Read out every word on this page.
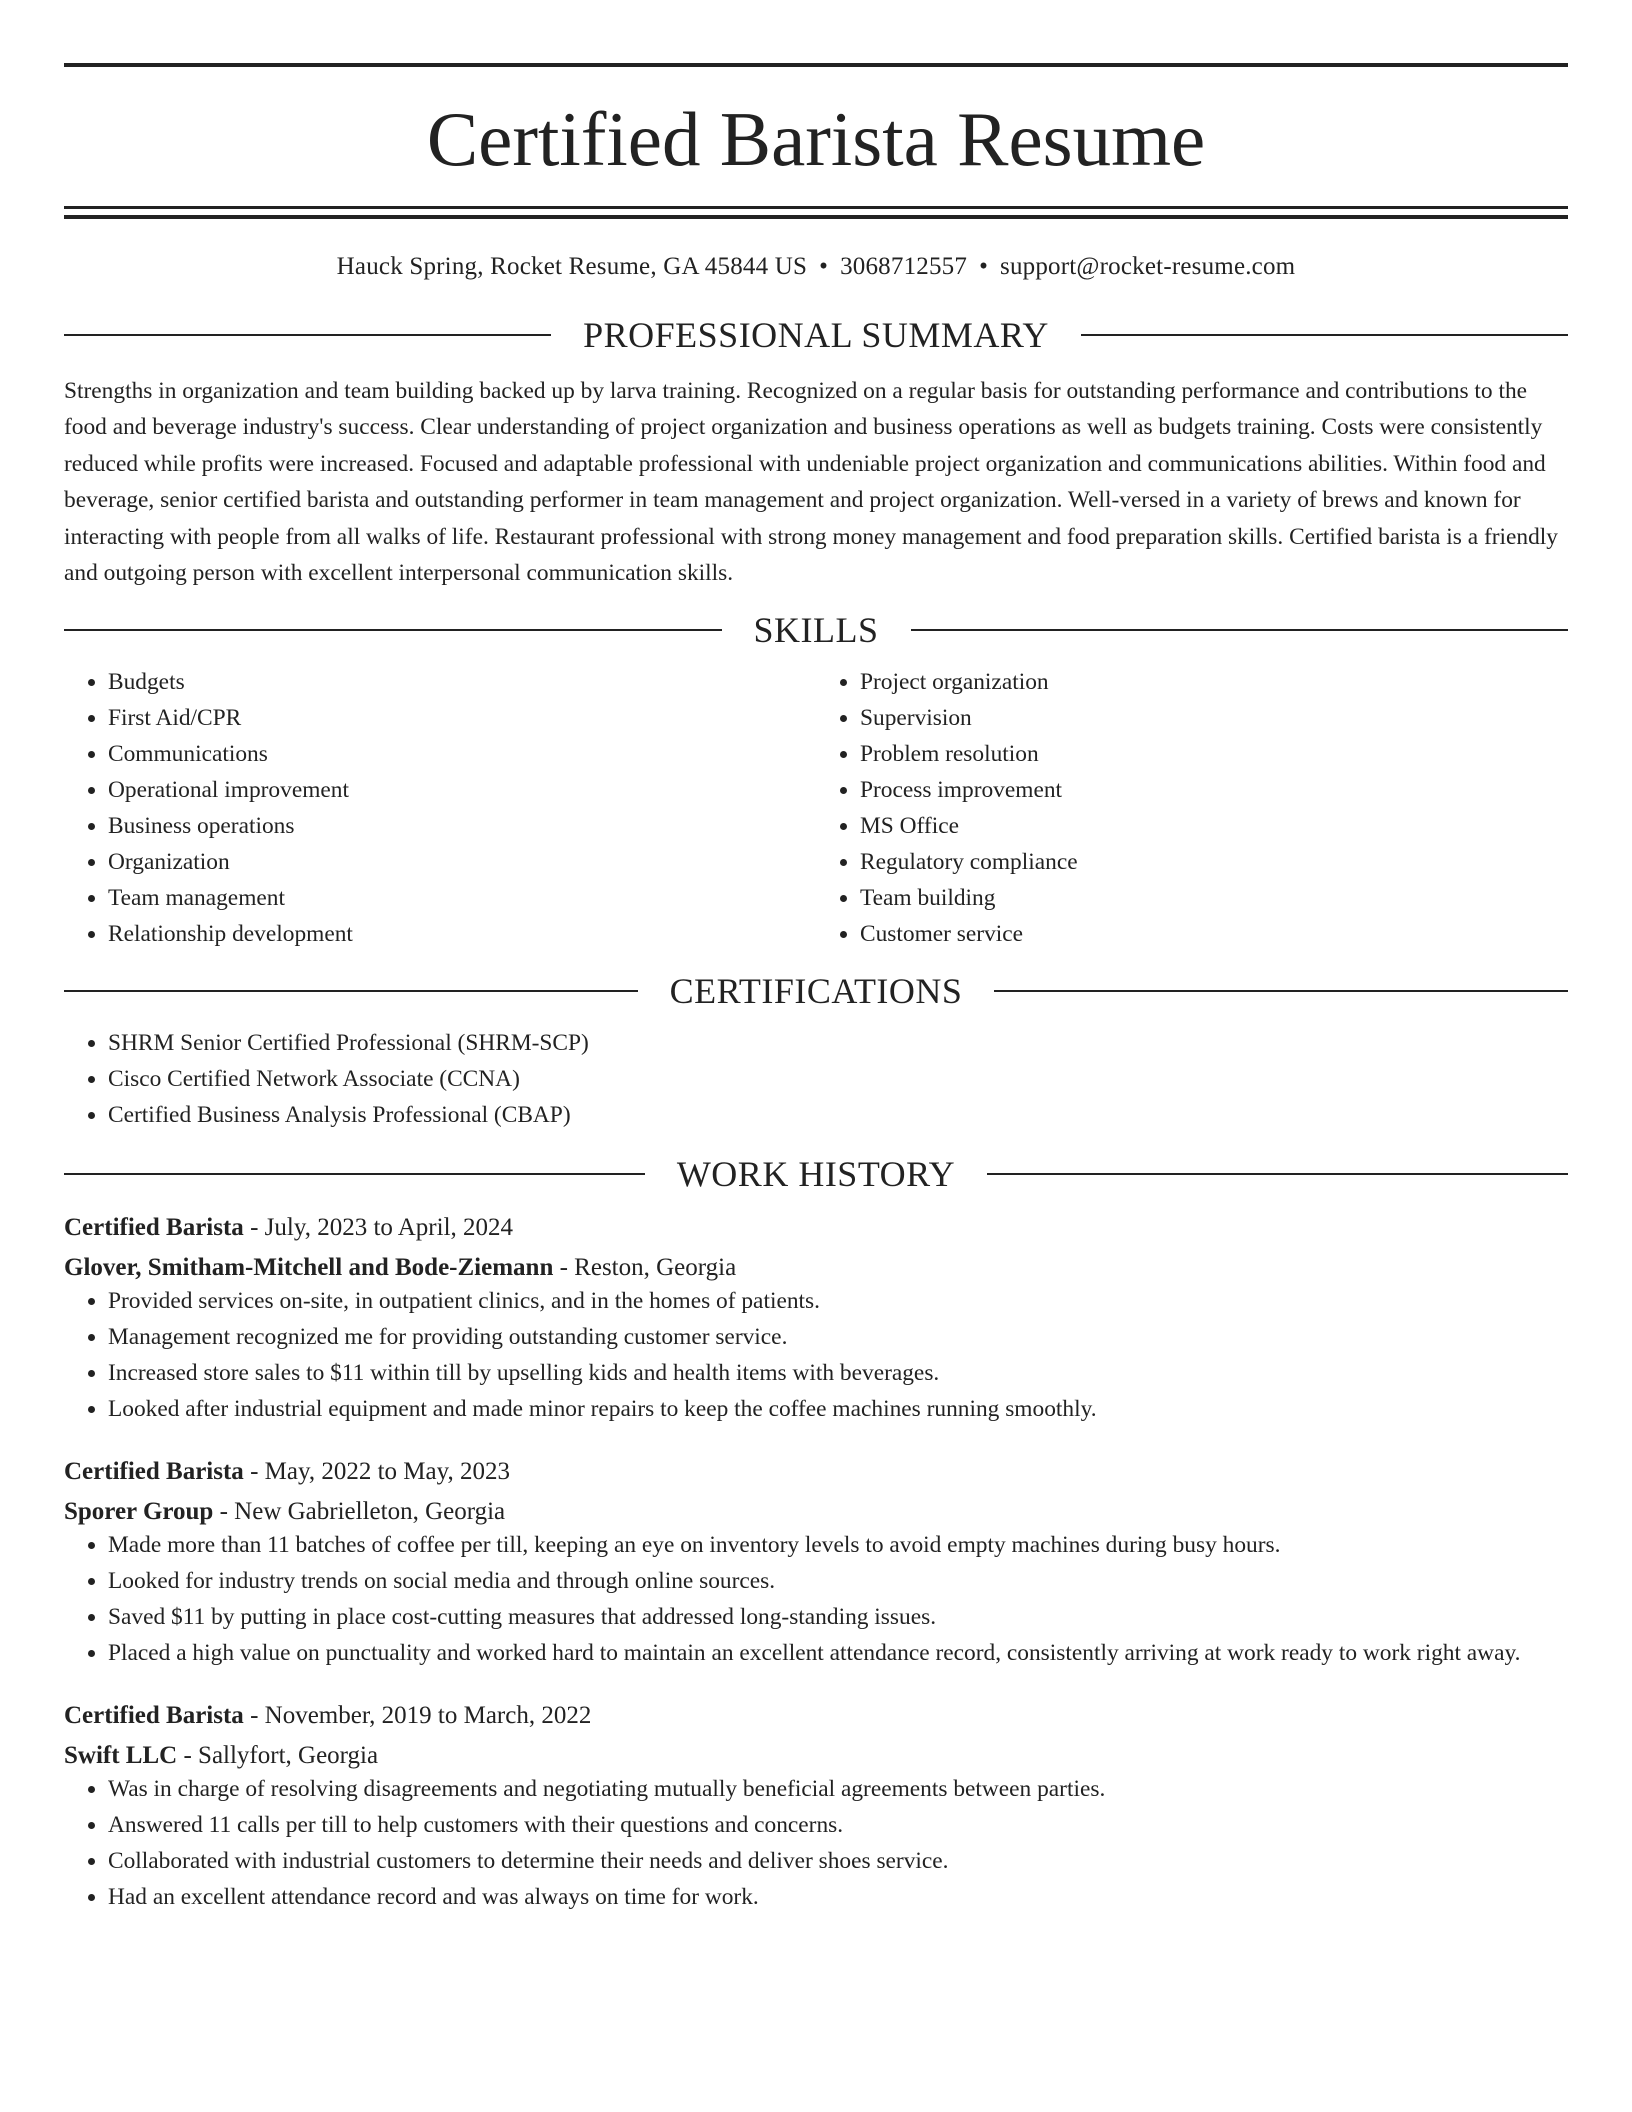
Certified Barista Resume
Hauck Spring, Rocket Resume, GA 45844 US • 3068712557 • support@rocket-resume.com
PROFESSIONAL SUMMARY
Strengths in organization and team building backed up by larva training. Recognized on a regular basis for outstanding performance and contributions to the food and beverage industry's success. Clear understanding of project organization and business operations as well as budgets training. Costs were consistently reduced while profits were increased. Focused and adaptable professional with undeniable project organization and communications abilities. Within food and beverage, senior certified barista and outstanding performer in team management and project organization. Well-versed in a variety of brews and known for interacting with people from all walks of life. Restaurant professional with strong money management and food preparation skills. Certified barista is a friendly and outgoing person with excellent interpersonal communication skills.
SKILLS
• Budgets
• First Aid/CPR
• Communications
• Operational improvement
• Business operations
• Organization
• Team management
• Relationship development
• Project organization
• Supervision
• Problem resolution
• Process improvement
• MS Office
• Regulatory compliance
• Team building
• Customer service
CERTIFICATIONS
• SHRM Senior Certified Professional (SHRM-SCP)
• Cisco Certified Network Associate (CCNA)
• Certified Business Analysis Professional (CBAP)
WORK HISTORY
Certified Barista - July, 2023 to April, 2024
Glover, Smitham-Mitchell and Bode-Ziemann - Reston, Georgia
• Provided services on-site, in outpatient clinics, and in the homes of patients.
• Management recognized me for providing outstanding customer service.
• Increased store sales to $11 within till by upselling kids and health items with beverages.
• Looked after industrial equipment and made minor repairs to keep the coffee machines running smoothly.
Certified Barista - May, 2022 to May, 2023
Sporer Group - New Gabrielleton, Georgia
• Made more than 11 batches of coffee per till, keeping an eye on inventory levels to avoid empty machines during busy hours.
• Looked for industry trends on social media and through online sources.
• Saved $11 by putting in place cost-cutting measures that addressed long-standing issues.
• Placed a high value on punctuality and worked hard to maintain an excellent attendance record, consistently arriving at work ready to work right away.
Certified Barista - November, 2019 to March, 2022
Swift LLC - Sallyfort, Georgia
• Was in charge of resolving disagreements and negotiating mutually beneficial agreements between parties.
• Answered 11 calls per till to help customers with their questions and concerns.
• Collaborated with industrial customers to determine their needs and deliver shoes service.
• Had an excellent attendance record and was always on time for work.
